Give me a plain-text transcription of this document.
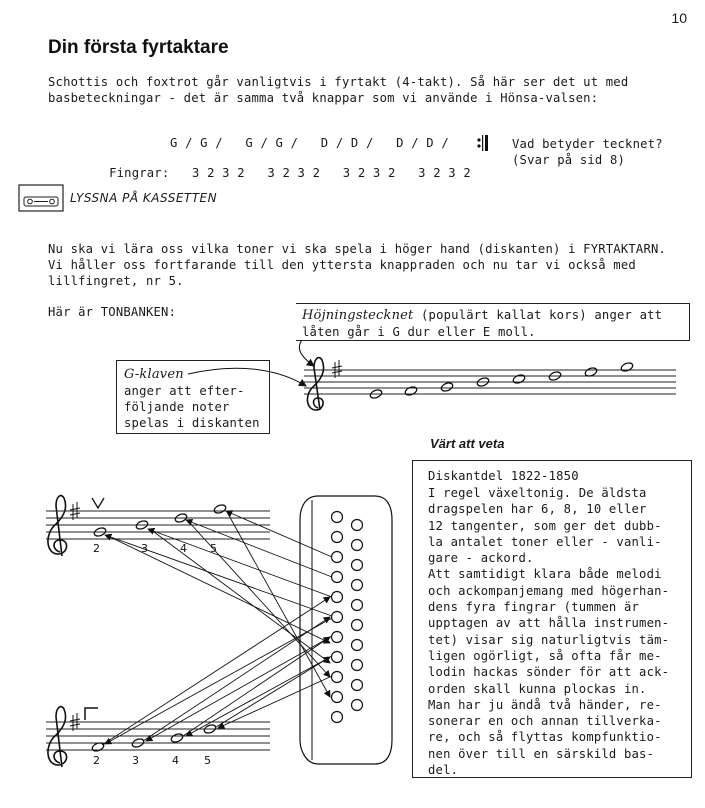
10
Din första fyrtaktare
Schottis och foxtrot går vanligtvis i fyrtakt (4-takt). Så här ser det ut med
basbeteckningar - det är samma två knappar som vi använde i Hönsa-valsen:
G / G /   G / G /   D / D /   D / D /

Fingrar: 3 2 3 2   3 2 3 2   3 2 3 2   3 2 3 2

Vad betyder tecknet?
(Svar på sid 8)
LYSSNA PÅ KASSETTEN
Nu ska vi lära oss vilka toner vi ska spela i höger hand (diskanten) i FYRTAKTARN.
Vi håller oss fortfarande till den yttersta knappraden och nu tar vi också med
lillfingret, nr 5.
Här är TONBANKEN:	Höjningstecknet (populärt kallat kors) anger att
låten går i G dur eller E moll.
G-klaven
anger att efter-
följande noter
spelas i diskanten
2	3	4 5
2	3	4 5
Värt att veta
Diskantdel 1822-1850
I regel växeltonig. De äldsta
dragspelen har 6, 8, 10 eller
12 tangenter, som ger det dubb-
la antalet toner eller - vanli-
gare - ackord.
Att samtidigt klara både melodi
och ackompanjemang med högerhan-
dens fyra fingrar (tummen är
upptagen av att hålla instrumen-
tet) visar sig naturligtvis täm-
ligen ogörligt, så ofta får me-
lodin hackas sönder för att ack-
orden skall kunna plockas in.
Man har ju ändå två händer, re-
sonerar en och annan tillverka-
re, och så flyttas kompfunktio-
nen över till en särskild bas-
del.
